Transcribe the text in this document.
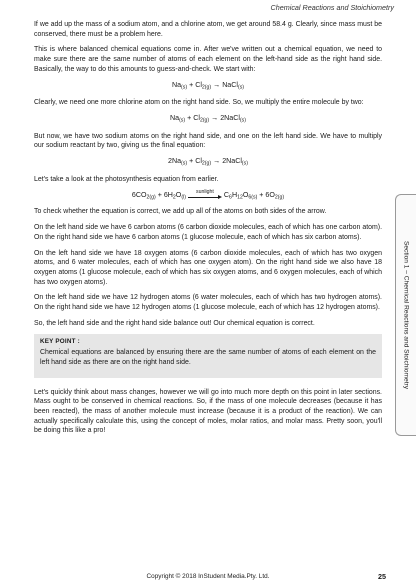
Chemical Reactions and Stoichiometry

If we add up the mass of a sodium atom, and a chlorine atom, we get around 58.4 g. Clearly, since mass must be conserved, there must be a problem here.

This is where balanced chemical equations come in. After we've written out a chemical equation, we need to make sure there are the same number of atoms of each element on the left-hand side as the right hand side. Basically, the way to do this amounts to guess-and-check. We start with:

$Na_{(s)} + Cl_{2(g)}$ → NaCl$_{(s)}$

Clearly, we need one more chlorine atom on the right hand side. So, we multiply the entire molecule by two:

$Na_{(s)} + Cl_{2(g)}$ → 2NaCl$_{(s)}$

But now, we have two sodium atoms on the right hand side, and one on the left hand side. We have to multiply our sodium reactant by two, giving us the final equation:

$2Na_{(s)} + Cl_{2(g)}$ → 2NaCl$_{(s)}$

Let's take a look at the photosynthesis equation from earlier.

$6CO_{2(g)} + 6H_2O_{(l)}$
sunlight $C_6H_{12}O_{6(s)} + 6O_{2(g)}$

To check whether the equation is correct, we add up all of the atoms on both sides of the arrow.

On the left hand side we have 6 carbon atoms (6 carbon dioxide molecules, each of which has one carbon atom). On the right hand side we have 6 carbon atoms (1 glucose molecule, each of which has six carbon atoms).

On the left hand side we have 18 oxygen atoms (6 carbon dioxide molecules, each of which has two oxygen atoms, and 6 water molecules, each of which has one oxygen atom). On the right hand side we also have 18 oxygen atoms (1 glucose molecule, each of which has six oxygen atoms, and 6 oxygen molecules, each of which has two oxygen atoms).

On the left hand side we have 12 hydrogen atoms (6 water molecules, each of which has two hydrogen atoms). On the right hand side we have 12 hydrogen atoms (1 glucose molecule, each of which has 12 hydrogen atoms).

So, the left hand side and the right hand side balance out! Our chemical equation is correct.

KEY POINT :

Chemical equations are balanced by ensuring there are the same number of atoms of each element on the left hand side as there are on the right hand side.

Let's quickly think about mass changes, however we will go into much more depth on this point in later sections. Mass ought to be conserved in chemical reactions. So, if the mass of one molecule decreases (because it has been reacted), the mass of another molecule must increase (because it is a product of the reaction). We can actually specifically calculate this, using the concept of moles, molar ratios, and molar mass. Pretty soon, you'll be doing this like a pro!

Section 1 – Chemical Reactions and Stoichiometry
Copyright © 2018 InStudent Media.Pty. Ltd.	25
